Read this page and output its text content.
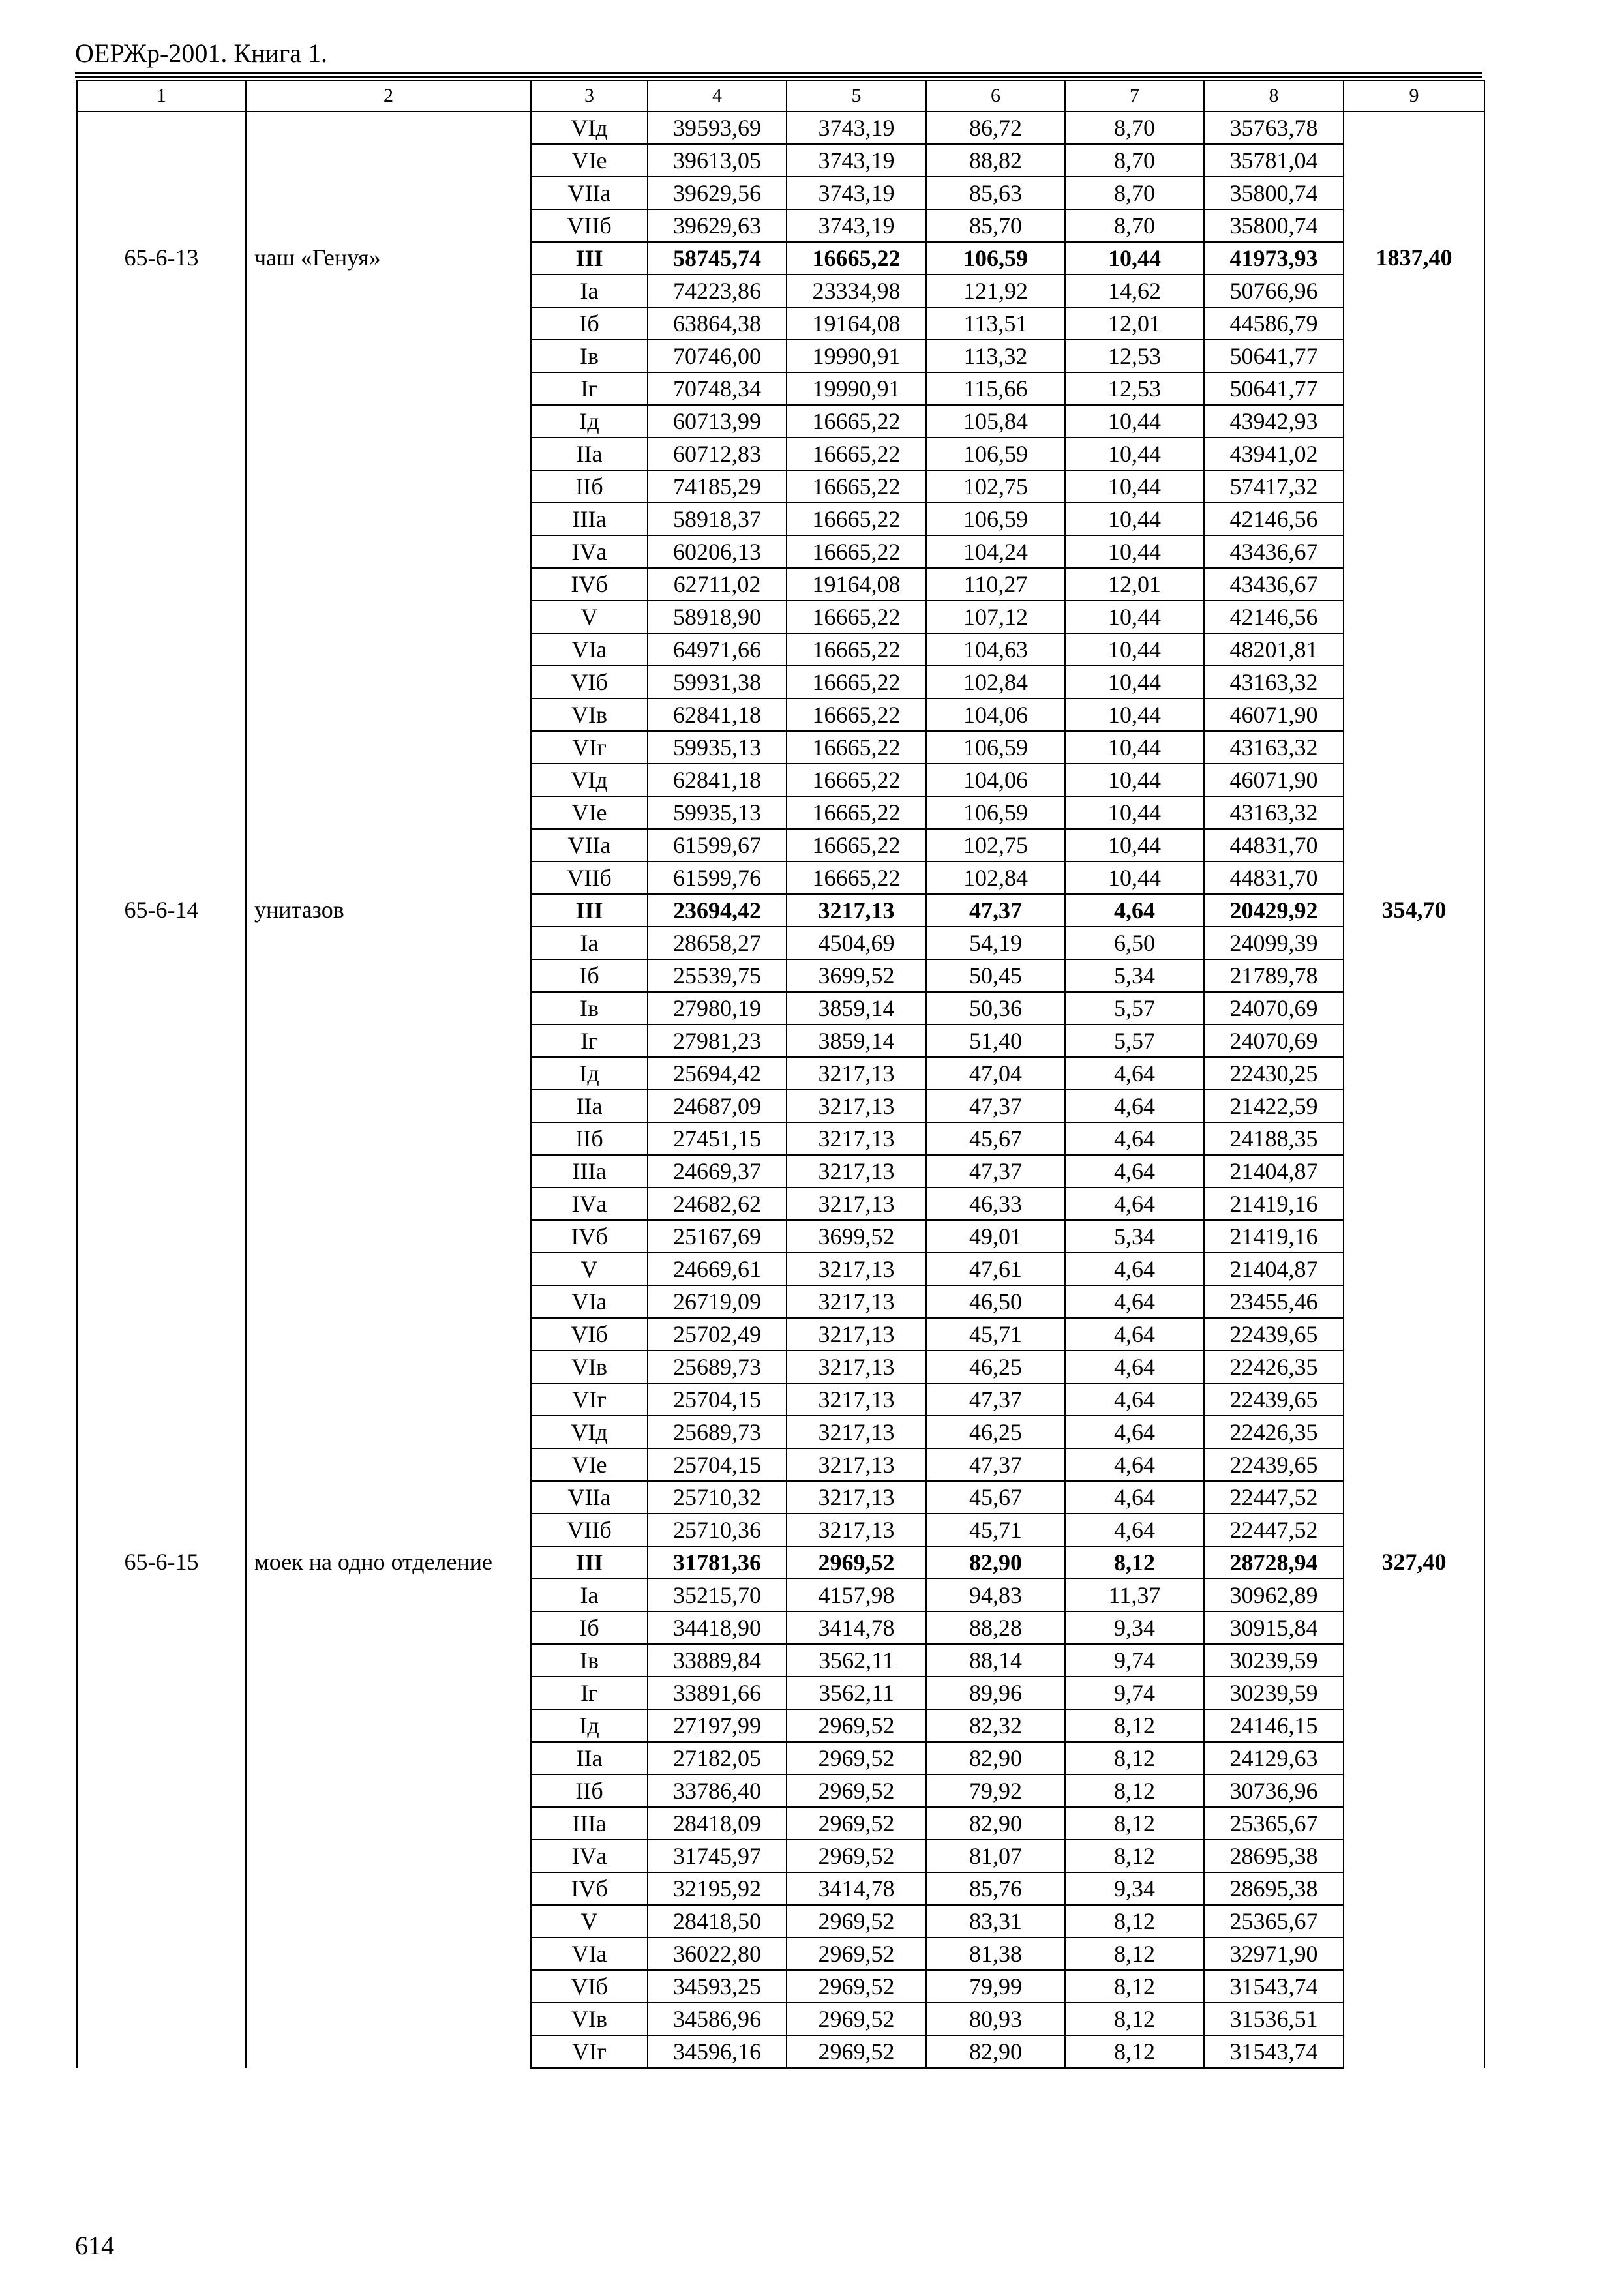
ОЕРЖр-2001. Книга 1.
1	2	3	4	5	6	7	8	9
		VIд	39593,69	3743,19	86,72	8,70	35763,78	
		VIе	39613,05	3743,19	88,82	8,70	35781,04	
		VIIа	39629,56	3743,19	85,63	8,70	35800,74	
		VIIб	39629,63	3743,19	85,70	8,70	35800,74	
65-6-13	чаш «Генуя»	III	58745,74	16665,22	106,59	10,44	41973,93	1837,40
		Iа	74223,86	23334,98	121,92	14,62	50766,96	
		Iб	63864,38	19164,08	113,51	12,01	44586,79	
		Iв	70746,00	19990,91	113,32	12,53	50641,77	
		Iг	70748,34	19990,91	115,66	12,53	50641,77	
		Iд	60713,99	16665,22	105,84	10,44	43942,93	
		IIа	60712,83	16665,22	106,59	10,44	43941,02	
		IIб	74185,29	16665,22	102,75	10,44	57417,32	
		IIIа	58918,37	16665,22	106,59	10,44	42146,56	
		IVа	60206,13	16665,22	104,24	10,44	43436,67	
		IVб	62711,02	19164,08	110,27	12,01	43436,67	
		V	58918,90	16665,22	107,12	10,44	42146,56	
		VIа	64971,66	16665,22	104,63	10,44	48201,81	
		VIб	59931,38	16665,22	102,84	10,44	43163,32	
		VIв	62841,18	16665,22	104,06	10,44	46071,90	
		VIг	59935,13	16665,22	106,59	10,44	43163,32	
		VIд	62841,18	16665,22	104,06	10,44	46071,90	
		VIе	59935,13	16665,22	106,59	10,44	43163,32	
		VIIа	61599,67	16665,22	102,75	10,44	44831,70	
		VIIб	61599,76	16665,22	102,84	10,44	44831,70	
65-6-14	унитазов	III	23694,42	3217,13	47,37	4,64	20429,92	354,70
		Iа	28658,27	4504,69	54,19	6,50	24099,39	
		Iб	25539,75	3699,52	50,45	5,34	21789,78	
		Iв	27980,19	3859,14	50,36	5,57	24070,69	
		Iг	27981,23	3859,14	51,40	5,57	24070,69	
		Iд	25694,42	3217,13	47,04	4,64	22430,25	
		IIа	24687,09	3217,13	47,37	4,64	21422,59	
		IIб	27451,15	3217,13	45,67	4,64	24188,35	
		IIIа	24669,37	3217,13	47,37	4,64	21404,87	
		IVа	24682,62	3217,13	46,33	4,64	21419,16	
		IVб	25167,69	3699,52	49,01	5,34	21419,16	
		V	24669,61	3217,13	47,61	4,64	21404,87	
		VIа	26719,09	3217,13	46,50	4,64	23455,46	
		VIб	25702,49	3217,13	45,71	4,64	22439,65	
		VIв	25689,73	3217,13	46,25	4,64	22426,35	
		VIг	25704,15	3217,13	47,37	4,64	22439,65	
		VIд	25689,73	3217,13	46,25	4,64	22426,35	
		VIе	25704,15	3217,13	47,37	4,64	22439,65	
		VIIа	25710,32	3217,13	45,67	4,64	22447,52	
		VIIб	25710,36	3217,13	45,71	4,64	22447,52	
65-6-15	моек на одно отделение	III	31781,36	2969,52	82,90	8,12	28728,94	327,40
		Iа	35215,70	4157,98	94,83	11,37	30962,89	
		Iб	34418,90	3414,78	88,28	9,34	30915,84	
		Iв	33889,84	3562,11	88,14	9,74	30239,59	
		Iг	33891,66	3562,11	89,96	9,74	30239,59	
		Iд	27197,99	2969,52	82,32	8,12	24146,15	
		IIа	27182,05	2969,52	82,90	8,12	24129,63	
		IIб	33786,40	2969,52	79,92	8,12	30736,96	
		IIIа	28418,09	2969,52	82,90	8,12	25365,67	
		IVа	31745,97	2969,52	81,07	8,12	28695,38	
		IVб	32195,92	3414,78	85,76	9,34	28695,38	
		V	28418,50	2969,52	83,31	8,12	25365,67	
		VIа	36022,80	2969,52	81,38	8,12	32971,90	
		VIб	34593,25	2969,52	79,99	8,12	31543,74	
		VIв	34586,96	2969,52	80,93	8,12	31536,51	
		VIг	34596,16	2969,52	82,90	8,12	31543,74	
614
